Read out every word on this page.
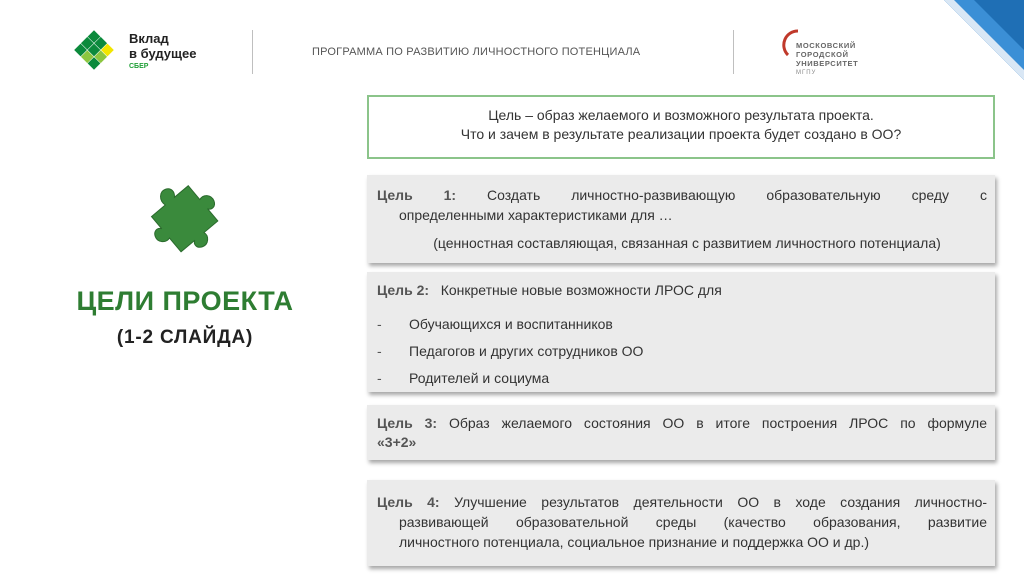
Вклад
в будущее
СБЕР
ПРОГРАММА ПО РАЗВИТИЮ ЛИЧНОСТНОГО ПОТЕНЦИАЛА
МОСКОВСКИЙ
ГОРОДСКОЙ
УНИВЕРСИТЕТ
МГПУ
ЦЕЛИ ПРОЕКТА
(1-2 СЛАЙДА)
Цель – образ желаемого и возможного результата проекта.
Что и зачем в результате реализации проекта будет создано в ОО?
Цель 1: Создать личностно-развивающую образовательную среду с
определенными характеристиками для …
(ценностная составляющая, связанная с развитием личностного потенциала)
Цель 2: Конкретные новые возможности ЛРОС для
-	Обучающихся и воспитанников
-	Педагогов и других сотрудников ОО
-	Родителей и социума
Цель 3: Образ желаемого состояния ОО в итоге построения ЛРОС по формуле
«3+2»
Цель 4: Улучшение результатов деятельности ОО в ходе создания личностно-
развивающей образовательной среды (качество образования, развитие
личностного потенциала, социальное признание и поддержка ОО и др.)
